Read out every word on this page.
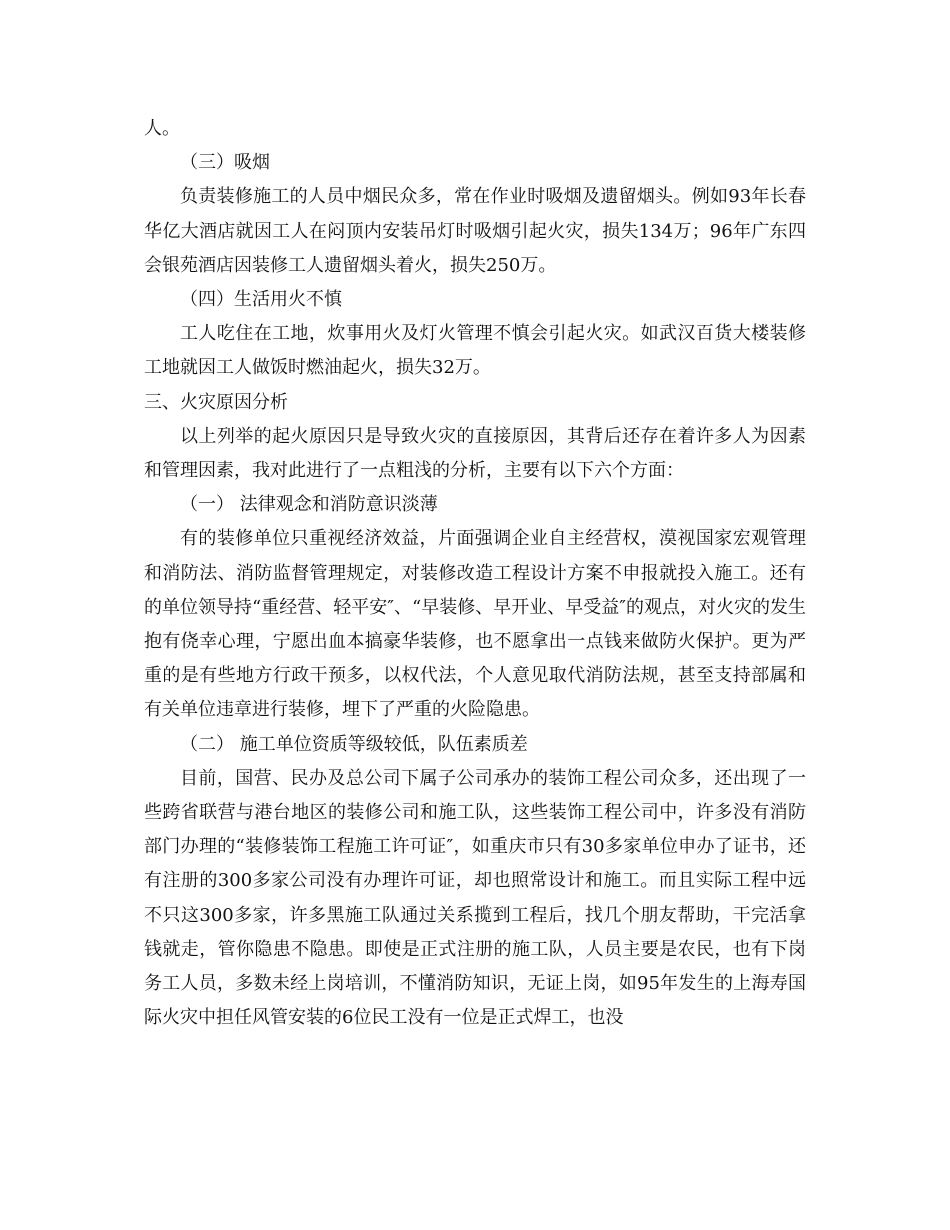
人。

（三）吸烟

负责装修施工的人员中烟民众多，常在作业时吸烟及遗留烟头。例如93年长春华亿大酒店就因工人在闷顶内安装吊灯时吸烟引起火灾，损失134万；96年广东四会银苑酒店因装修工人遗留烟头着火，损失250万。

（四）生活用火不慎

工人吃住在工地，炊事用火及灯火管理不慎会引起火灾。如武汉百货大楼装修工地就因工人做饭时燃油起火，损失32万。

三、火灾原因分析

以上列举的起火原因只是导致火灾的直接原因，其背后还存在着许多人为因素和管理因素，我对此进行了一点粗浅的分析，主要有以下六个方面：

（一） 法律观念和消防意识淡薄

有的装修单位只重视经济效益，片面强调企业自主经营权，漠视国家宏观管理和消防法、消防监督管理规定，对装修改造工程设计方案不申报就投入施工。还有的单位领导持“重经营、轻平安″、“早装修、早开业、早受益″的观点，对火灾的发生抱有侥幸心理，宁愿出血本搞豪华装修，也不愿拿出一点钱来做防火保护。更为严重的是有些地方行政干预多，以权代法，个人意见取代消防法规，甚至支持部属和有关单位违章进行装修，埋下了严重的火险隐患。

（二） 施工单位资质等级较低，队伍素质差

目前，国营、民办及总公司下属子公司承办的装饰工程公司众多，还出现了一些跨省联营与港台地区的装修公司和施工队，这些装饰工程公司中，许多没有消防部门办理的“装修装饰工程施工许可证″，如重庆市只有30多家单位申办了证书，还有注册的300多家公司没有办理许可证，却也照常设计和施工。而且实际工程中远不只这300多家，许多黑施工队通过关系揽到工程后，找几个朋友帮助，干完活拿钱就走，管你隐患不隐患。即使是正式注册的施工队，人员主要是农民，也有下岗务工人员，多数未经上岗培训，不懂消防知识，无证上岗，如95年发生的上海寿国际火灾中担任风管安装的6位民工没有一位是正式焊工，也没
